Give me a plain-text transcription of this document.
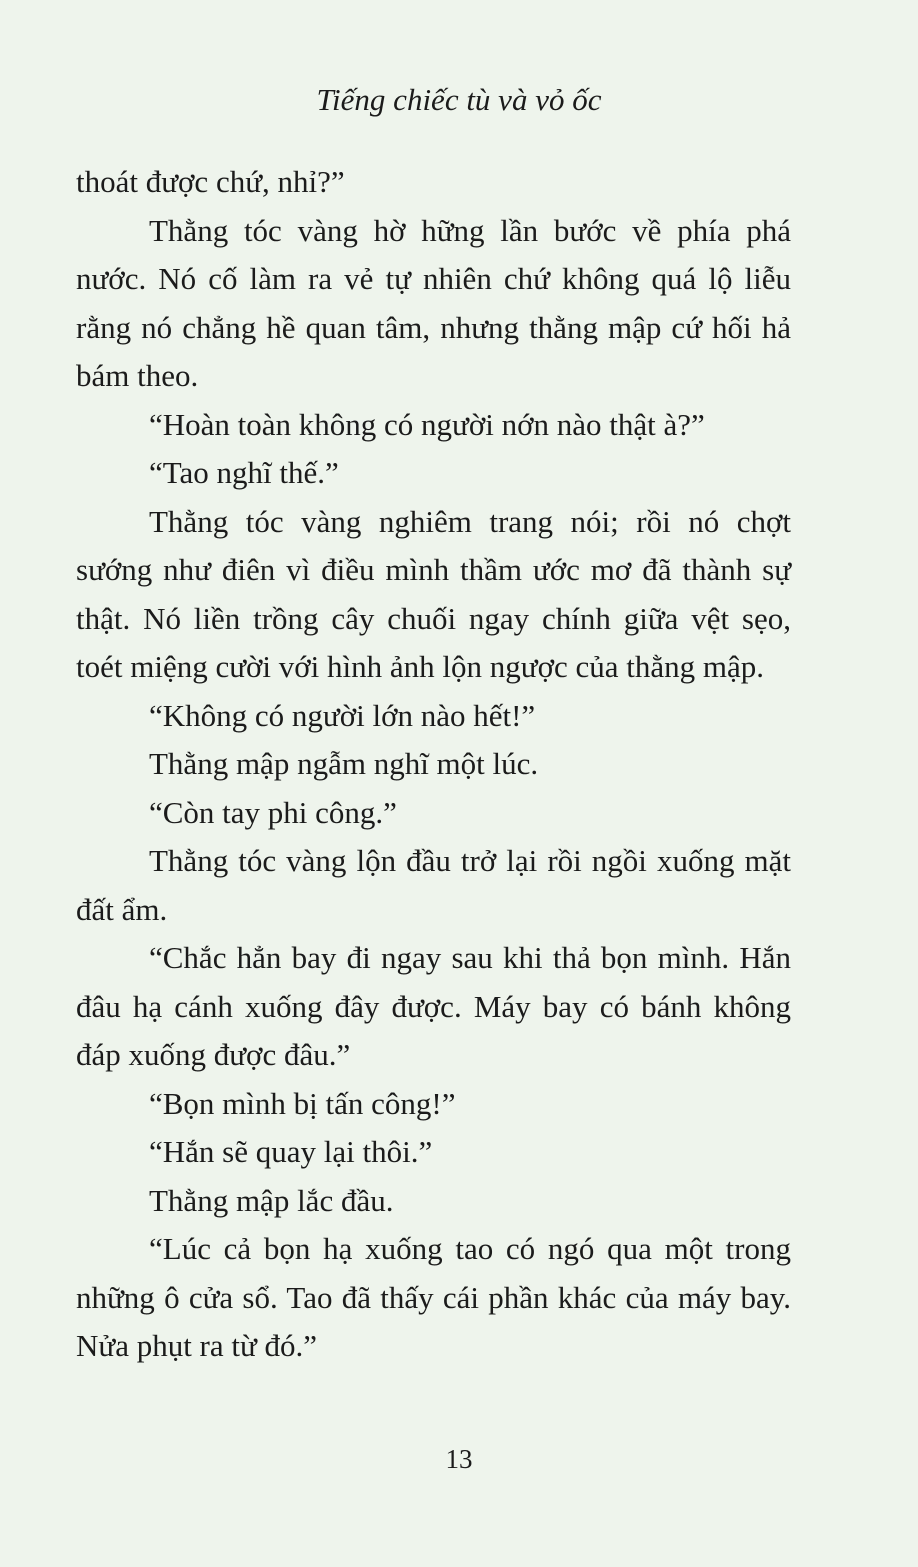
Tiếng chiếc tù và vỏ ốc

thoát được chứ, nhỉ?”

Thằng tóc vàng hờ hững lần bước về phía phá nước. Nó cố làm ra vẻ tự nhiên chứ không quá lộ liễu rằng nó chẳng hề quan tâm, nhưng thằng mập cứ hối hả bám theo.

“Hoàn toàn không có người nớn nào thật à?”

“Tao nghĩ thế.”

Thằng tóc vàng nghiêm trang nói; rồi nó chợt sướng như điên vì điều mình thầm ước mơ đã thành sự thật. Nó liền trồng cây chuối ngay chính giữa vệt sẹo, toét miệng cười với hình ảnh lộn ngược của thằng mập.

“Không có người lớn nào hết!”

Thằng mập ngẫm nghĩ một lúc.

“Còn tay phi công.”

Thằng tóc vàng lộn đầu trở lại rồi ngồi xuống mặt đất ẩm.

“Chắc hẳn bay đi ngay sau khi thả bọn mình. Hắn đâu hạ cánh xuống đây được. Máy bay có bánh không đáp xuống được đâu.”

“Bọn mình bị tấn công!”

“Hắn sẽ quay lại thôi.”

Thằng mập lắc đầu.

“Lúc cả bọn hạ xuống tao có ngó qua một trong những ô cửa sổ. Tao đã thấy cái phần khác của máy bay. Nửa phụt ra từ đó.”

13
